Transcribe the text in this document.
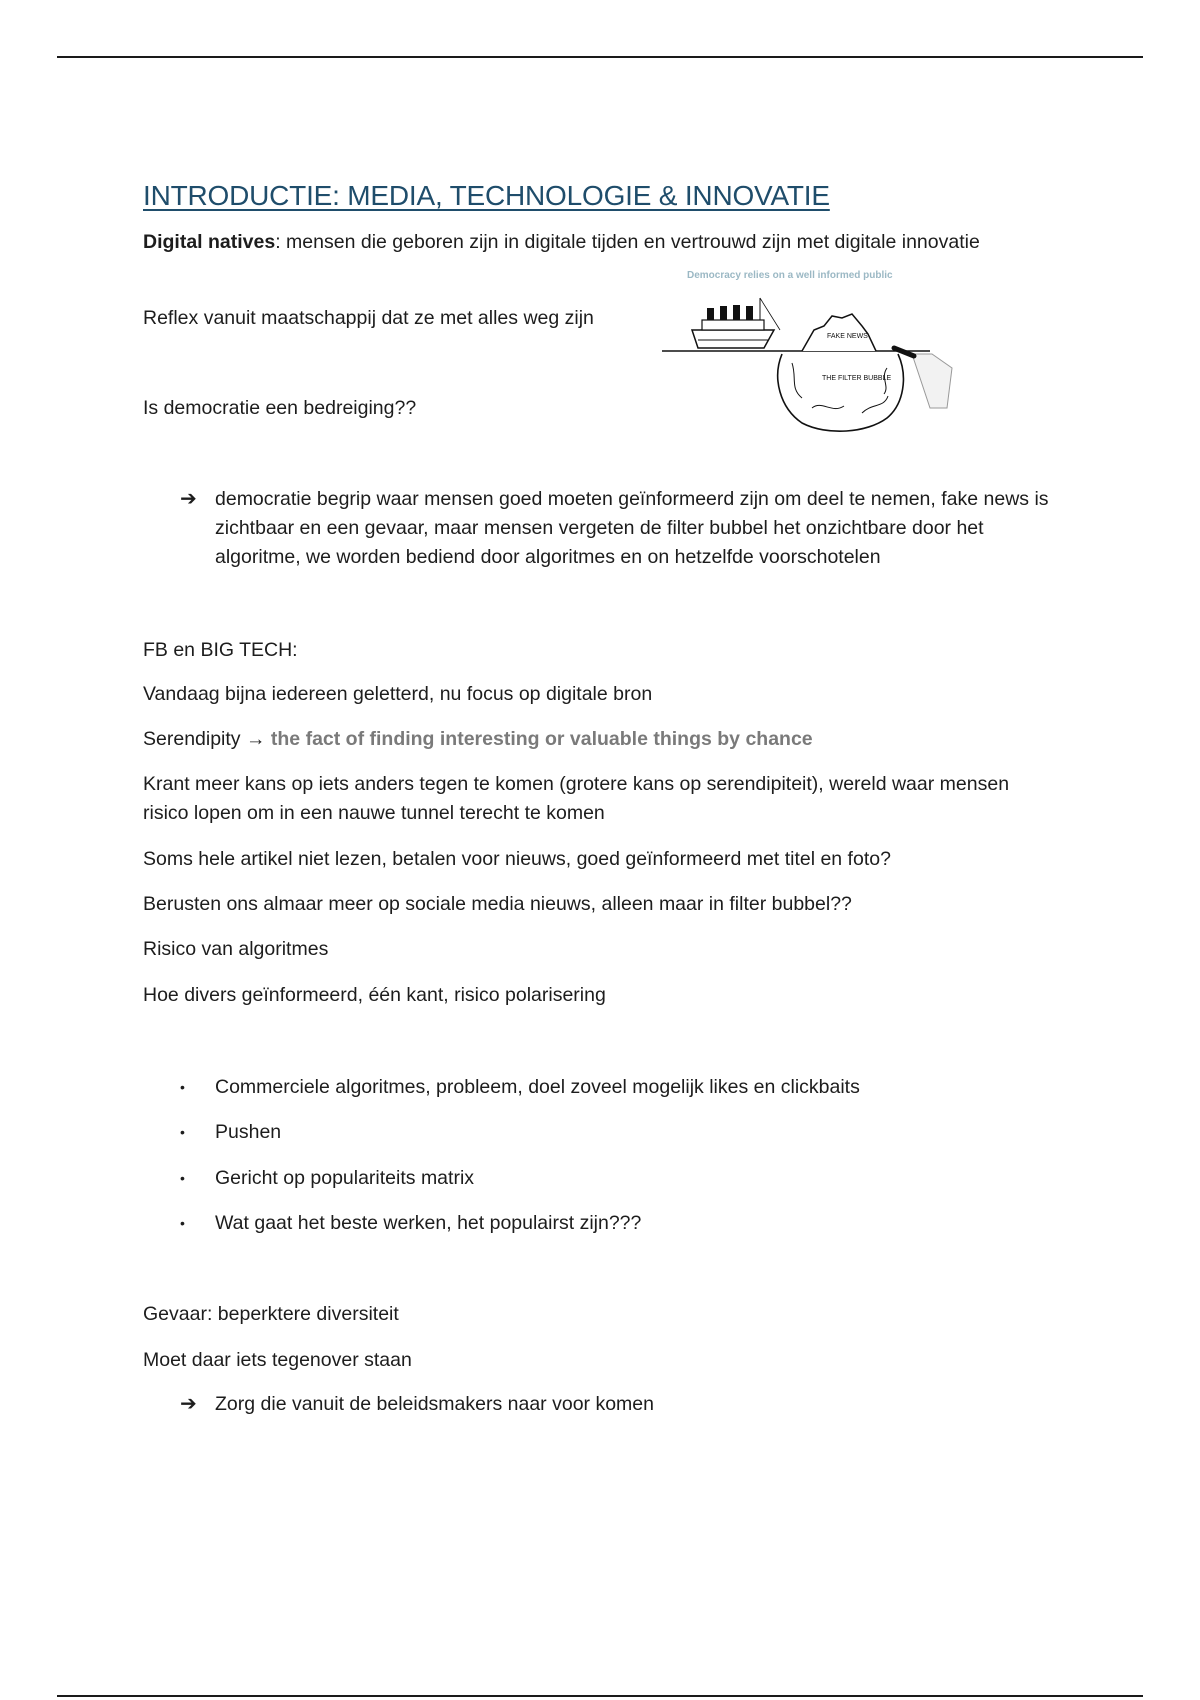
INTRODUCTIE: MEDIA, TECHNOLOGIE & INNOVATIE

Digital natives: mensen die geboren zijn in digitale tijden en vertrouwd zijn met digitale innovatie

Reflex vanuit maatschappij dat ze met alles weg zijn

Is democratie een bedreiging??

Democracy relies on a well informed public
FAKE NEWS
THE FILTER BUBBLE
➔ democratie begrip waar mensen goed moeten geïnformeerd zijn om deel te nemen, fake news is zichtbaar en een gevaar, maar mensen vergeten de filter bubbel het onzichtbare door het algoritme, we worden bediend door algoritmes en on hetzelfde voorschotelen

FB en BIG TECH:

Vandaag bijna iedereen geletterd, nu focus op digitale bron

Serendipity → the fact of finding interesting or valuable things by chance

Krant meer kans op iets anders tegen te komen (grotere kans op serendipiteit), wereld waar mensen risico lopen om in een nauwe tunnel terecht te komen

Soms hele artikel niet lezen, betalen voor nieuws, goed geïnformeerd met titel en foto?

Berusten ons almaar meer op sociale media nieuws, alleen maar in filter bubbel??

Risico van algoritmes

Hoe divers geïnformeerd, één kant, risico polarisering

• Commerciele algoritmes, probleem, doel zoveel mogelijk likes en clickbaits
• Pushen
• Gericht op populariteits matrix
• Wat gaat het beste werken, het populairst zijn???

Gevaar: beperktere diversiteit

Moet daar iets tegenover staan

➔ Zorg die vanuit de beleidsmakers naar voor komen
